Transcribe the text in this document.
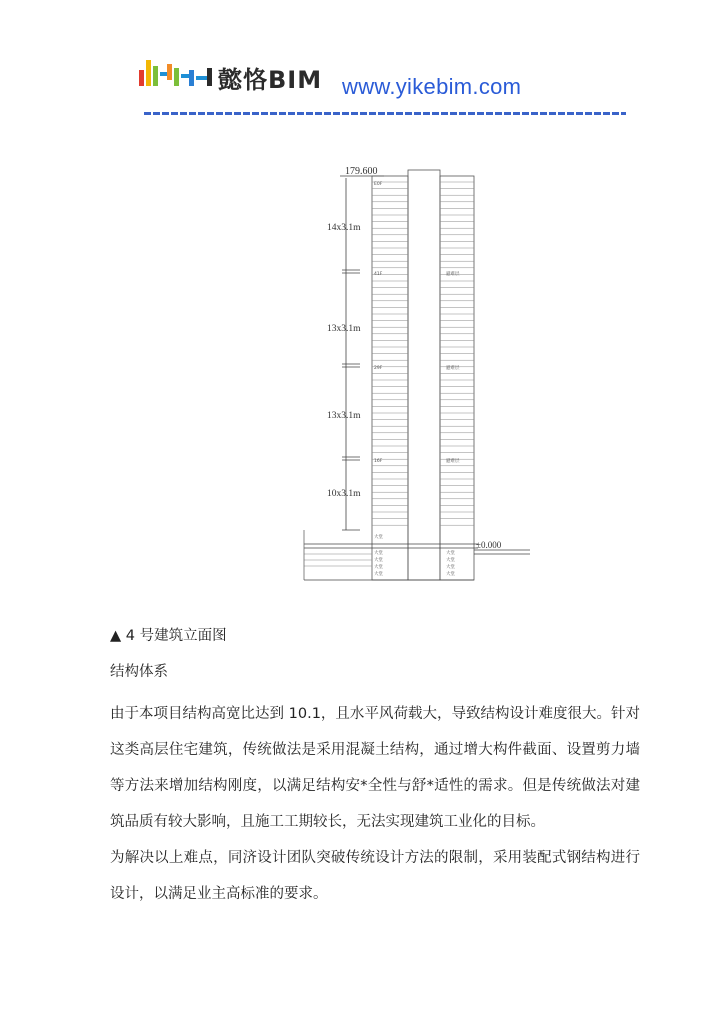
懿恪BIM www.yikebim.com
179.600
14x3.1m
13x3.1m
13x3.1m
10x3.1m
±0.000
E0F
41F
29F
16F
大堂
大堂
大堂
大堂
大堂
避难层
避难层
避难层
大堂
大堂
大堂
大堂
▲ 4 号建筑立面图
结构体系
由于本项目结构高宽比达到 10.1，且水平风荷载大，导致结构设计难度很大。针对这类高层住宅建筑，传统做法是采用混凝土结构，通过增大构件截面、设置剪力墙等方法来增加结构刚度，以满足结构安*全性与舒*适性的需求。但是传统做法对建筑品质有较大影响，且施工工期较长，无法实现建筑工业化的目标。
为解决以上难点，同济设计团队突破传统设计方法的限制，采用装配式钢结构进行设计，以满足业主高标准的要求。
